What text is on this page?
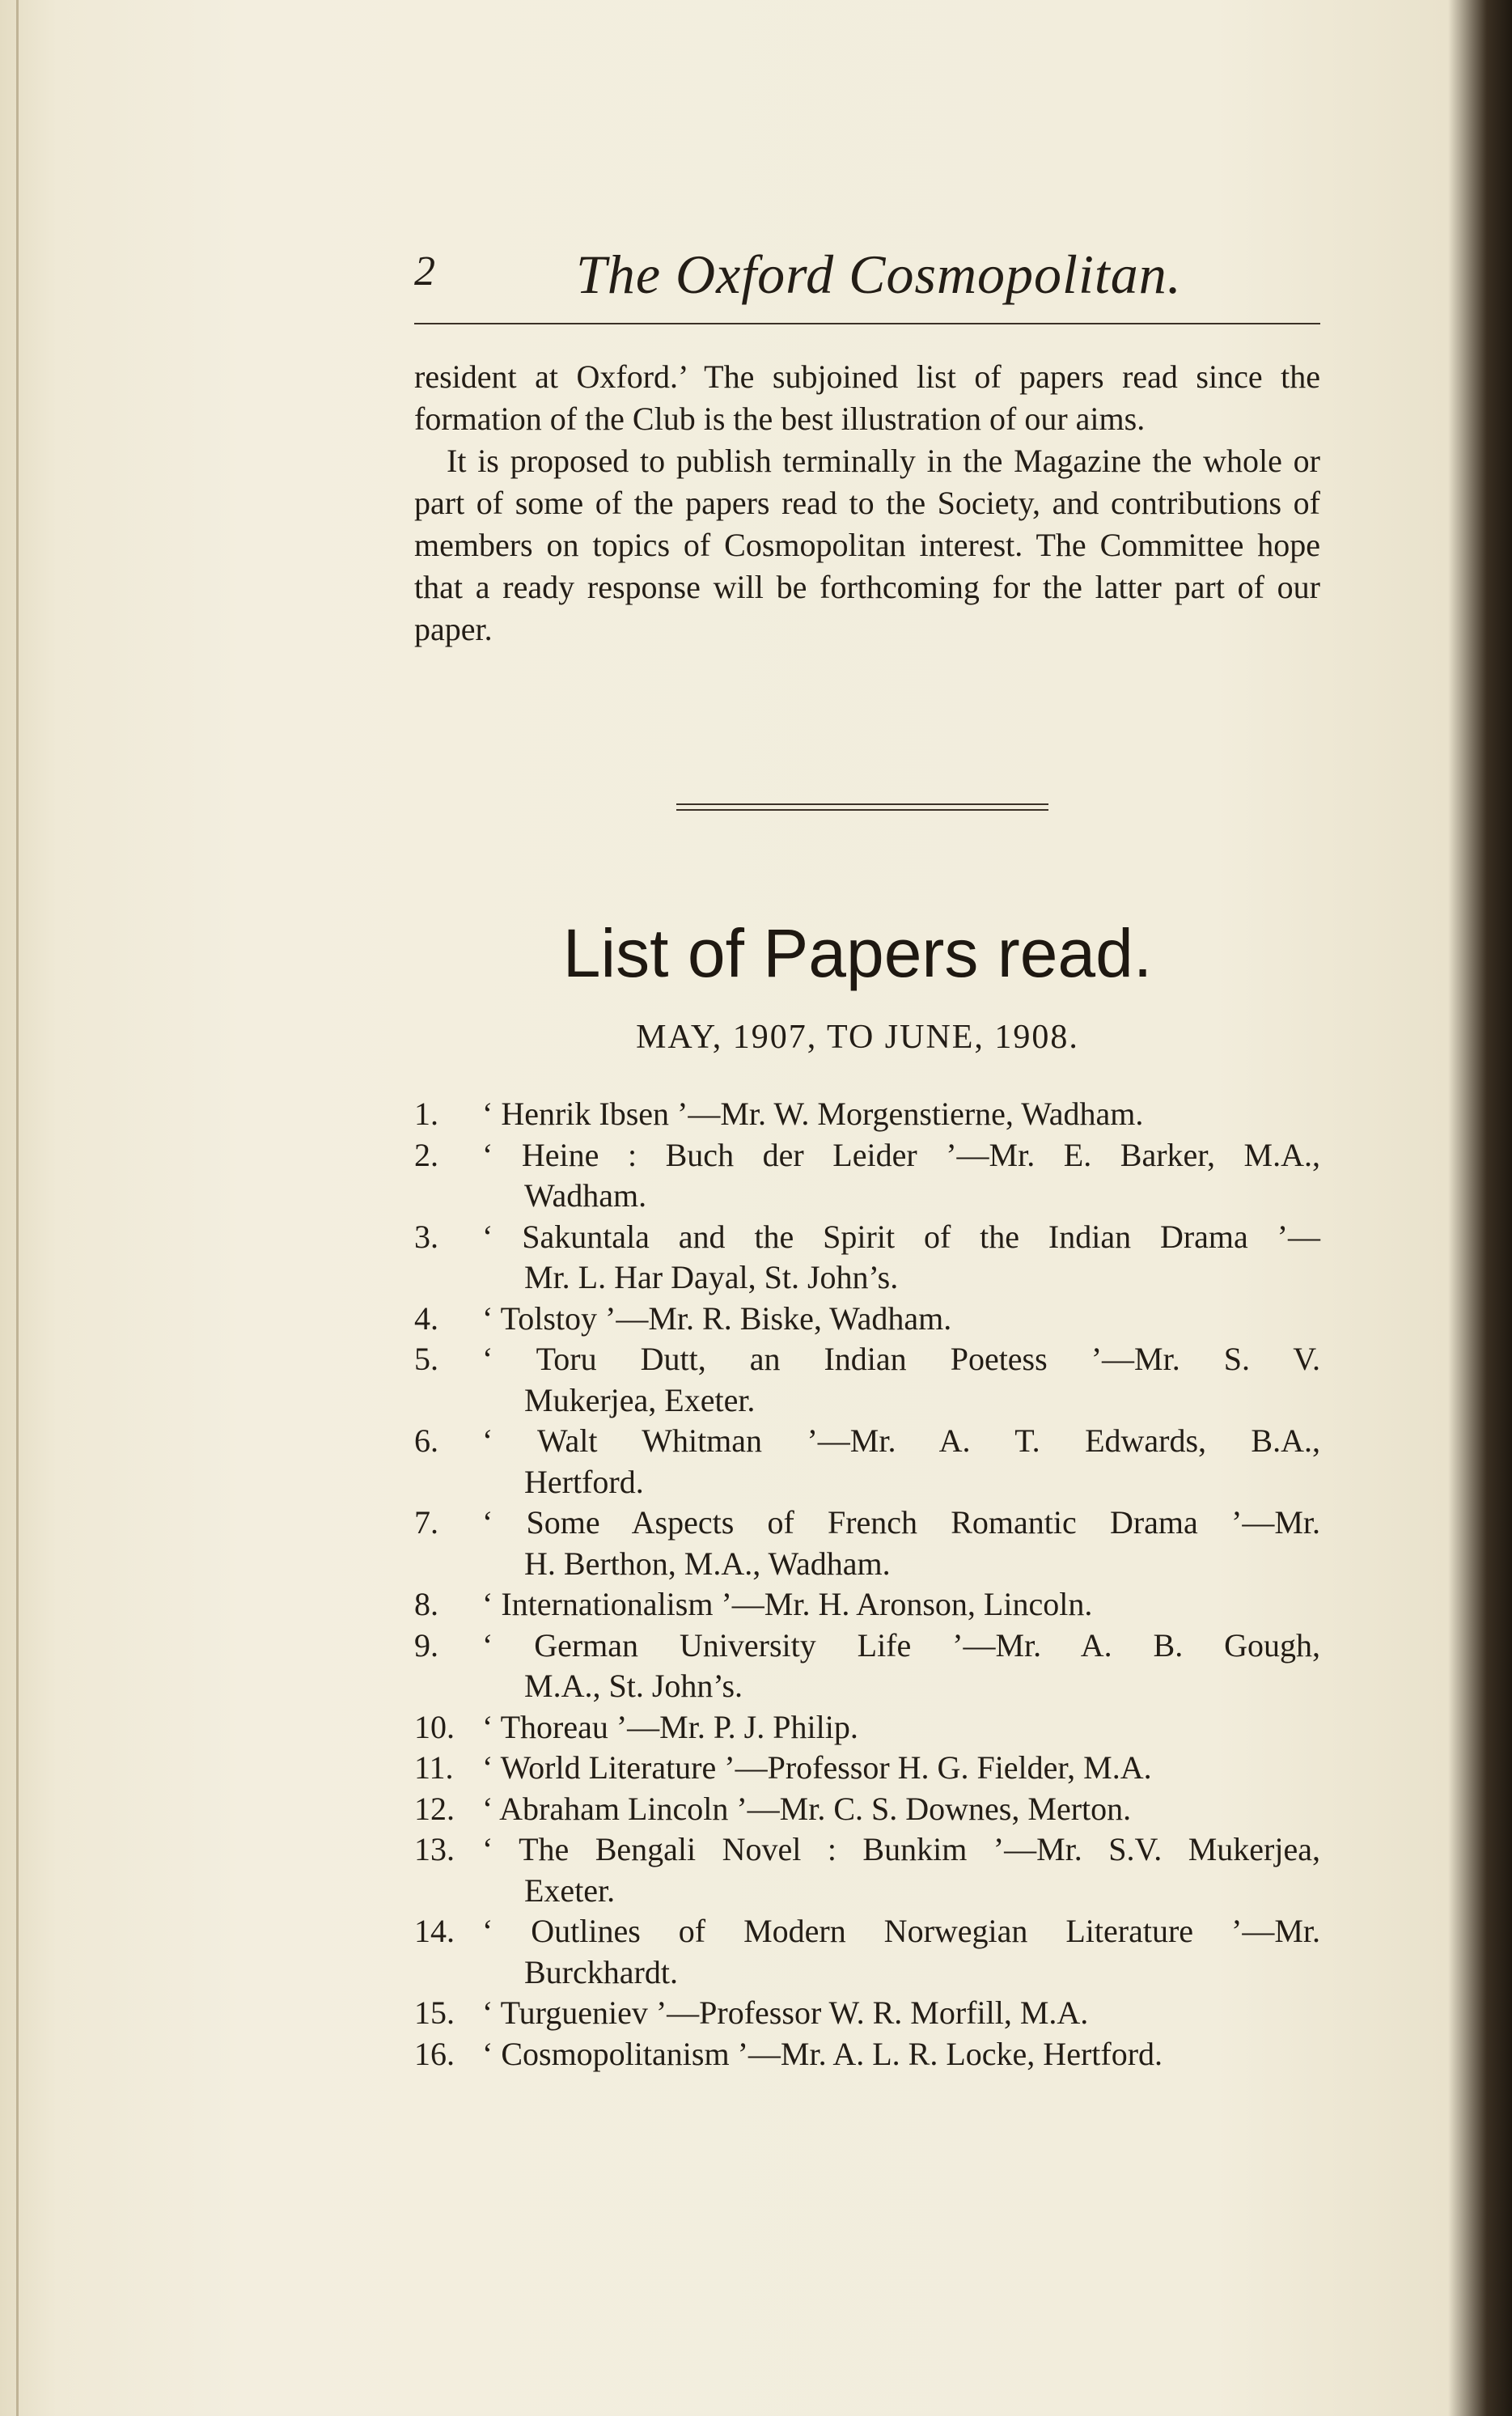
2	The Oxford Cosmopolitan.

resident at Oxford.’ The subjoined list of papers read since the formation of the Club is the best illustration of our aims.

It is proposed to publish terminally in the Magazine the whole or part of some of the papers read to the Society, and contributions of members on topics of Cosmopolitan interest. The Committee hope that a ready response will be forthcoming for the latter part of our paper.

List of Papers read.
MAY, 1907, TO JUNE, 1908.
1.	‘ Henrik Ibsen ’—Mr. W. Morgenstierne, Wadham.
2.	‘ Heine : Buch der Leider ’—Mr. E. Barker, M.A.,
Wadham.
3.	‘ Sakuntala and the Spirit of the Indian Drama ’—
Mr. L. Har Dayal, St. John’s.
4.	‘ Tolstoy ’—Mr. R. Biske, Wadham.
5.	‘ Toru Dutt, an Indian Poetess ’—Mr. S. V.
Mukerjea, Exeter.
6.	‘ Walt Whitman ’—Mr. A. T. Edwards, B.A.,
Hertford.
7.	‘ Some Aspects of French Romantic Drama ’—Mr.
H. Berthon, M.A., Wadham.
8.	‘ Internationalism ’—Mr. H. Aronson, Lincoln.
9.	‘ German University Life ’—Mr. A. B. Gough,
M.A., St. John’s.
10. ‘ Thoreau ’—Mr. P. J. Philip.
11. ‘ World Literature ’—Professor H. G. Fielder, M.A.
12. ‘ Abraham Lincoln ’—Mr. C. S. Downes, Merton.
13. ‘ The Bengali Novel : Bunkim ’—Mr. S.V. Mukerjea,
Exeter.
14. ‘ Outlines of Modern Norwegian Literature ’—Mr.
Burckhardt.
15. ‘ Turgueniev ’—Professor W. R. Morfill, M.A.
16. ‘ Cosmopolitanism ’—Mr. A. L. R. Locke, Hertford.
